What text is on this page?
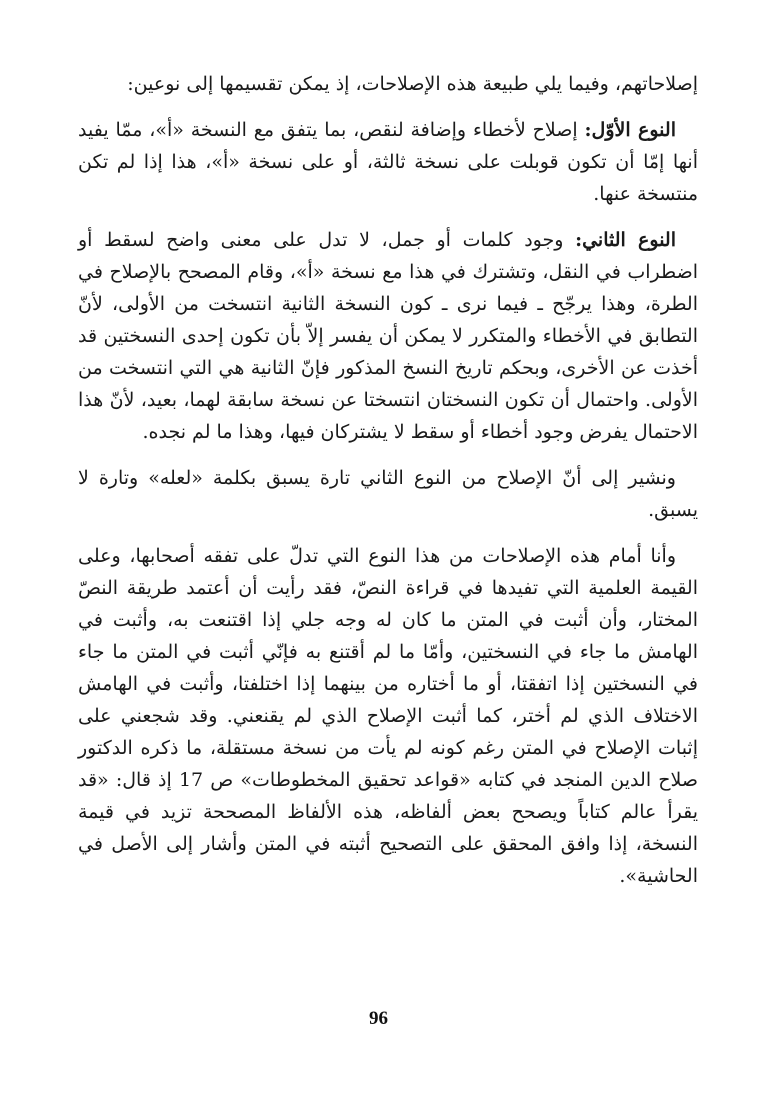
إصلاحاتهم، وفيما يلي طبيعة هذه الإصلاحات، إذ يمكن تقسيمها إلى نوعين:

النوع الأوّل: إصلاح لأخطاء وإضافة لنقص، بما يتفق مع النسخة «أ»، ممّا يفيد أنها إمّا أن تكون قوبلت على نسخة ثالثة، أو على نسخة «أ»، هذا إذا لم تكن منتسخة عنها.

النوع الثاني: وجود كلمات أو جمل، لا تدل على معنى واضح لسقط أو اضطراب في النقل، وتشترك في هذا مع نسخة «أ»، وقام المصحح بالإصلاح في الطرة، وهذا يرجّح ـ فيما نرى ـ كون النسخة الثانية انتسخت من الأولى، لأنّ التطابق في الأخطاء والمتكرر لا يمكن أن يفسر إلاّ بأن تكون إحدى النسختين قد أخذت عن الأخرى، وبحكم تاريخ النسخ المذكور فإنّ الثانية هي التي انتسخت من الأولى. واحتمال أن تكون النسختان انتسختا عن نسخة سابقة لهما، بعيد، لأنّ هذا الاحتمال يفرض وجود أخطاء أو سقط لا يشتركان فيها، وهذا ما لم نجده.

ونشير إلى أنّ الإصلاح من النوع الثاني تارة يسبق بكلمة «لعله» وتارة لا يسبق.

وأنا أمام هذه الإصلاحات من هذا النوع التي تدلّ على تفقه أصحابها، وعلى القيمة العلمية التي تفيدها في قراءة النصّ، فقد رأيت أن أعتمد طريقة النصّ المختار، وأن أثبت في المتن ما كان له وجه جلي إذا اقتنعت به، وأثبت في الهامش ما جاء في النسختين، وأمّا ما لم أقتنع به فإنّي أثبت في المتن ما جاء في النسختين إذا اتفقتا، أو ما أختاره من بينهما إذا اختلفتا، وأثبت في الهامش الاختلاف الذي لم أختر، كما أثبت الإصلاح الذي لم يقنعني. وقد شجعني على إثبات الإصلاح في المتن رغم كونه لم يأت من نسخة مستقلة، ما ذكره الدكتور صلاح الدين المنجد في كتابه «قواعد تحقيق المخطوطات» ص 17 إذ قال: «قد يقرأ عالم كتاباً ويصحح بعض ألفاظه، هذه الألفاظ المصححة تزيد في قيمة النسخة، إذا وافق المحقق على التصحيح أثبته في المتن وأشار إلى الأصل في الحاشية».

96
